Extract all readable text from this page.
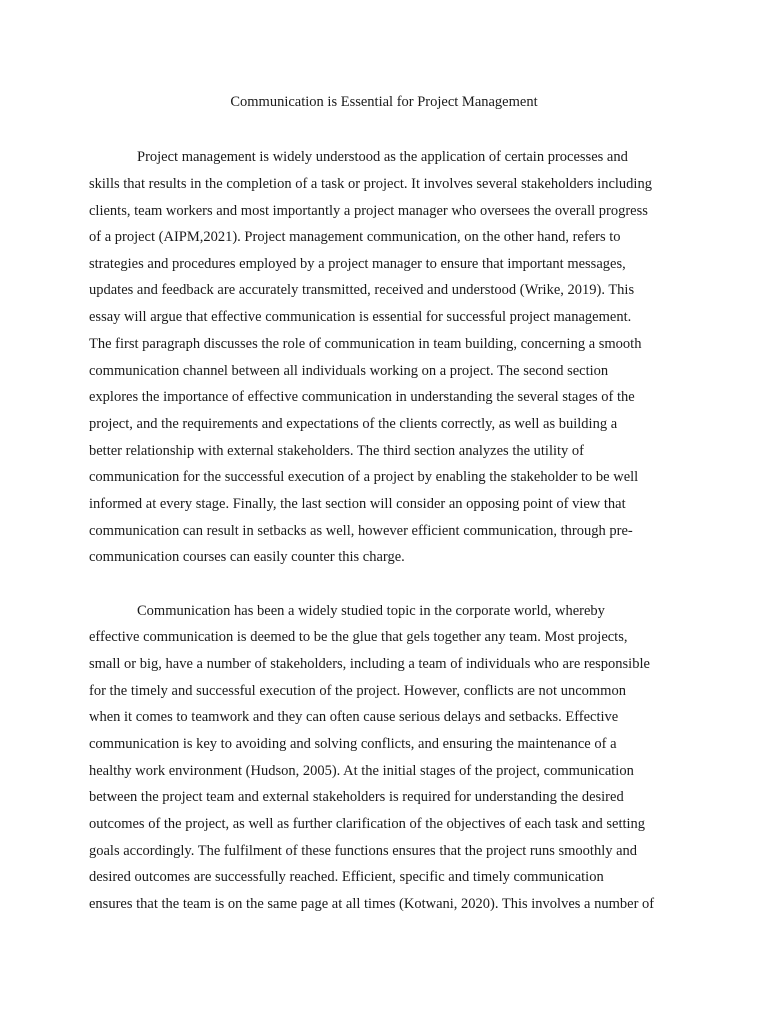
Communication is Essential for Project Management
Project management is widely understood as the application of certain processes and
skills that results in the completion of a task or project. It involves several stakeholders including
clients, team workers and most importantly a project manager who oversees the overall progress
of a project (AIPM,2021). Project management communication, on the other hand, refers to
strategies and procedures employed by a project manager to ensure that important messages,
updates and feedback are accurately transmitted, received and understood (Wrike, 2019). This
essay will argue that effective communication is essential for successful project management.
The first paragraph discusses the role of communication in team building, concerning a smooth
communication channel between all individuals working on a project. The second section
explores the importance of effective communication in understanding the several stages of the
project, and the requirements and expectations of the clients correctly, as well as building a
better relationship with external stakeholders. The third section analyzes the utility of
communication for the successful execution of a project by enabling the stakeholder to be well
informed at every stage. Finally, the last section will consider an opposing point of view that
communication can result in setbacks as well, however efficient communication, through pre-
communication courses can easily counter this charge.
Communication has been a widely studied topic in the corporate world, whereby
effective communication is deemed to be the glue that gels together any team. Most projects,
small or big, have a number of stakeholders, including a team of individuals who are responsible
for the timely and successful execution of the project. However, conflicts are not uncommon
when it comes to teamwork and they can often cause serious delays and setbacks. Effective
communication is key to avoiding and solving conflicts, and ensuring the maintenance of a
healthy work environment (Hudson, 2005). At the initial stages of the project, communication
between the project team and external stakeholders is required for understanding the desired
outcomes of the project, as well as further clarification of the objectives of each task and setting
goals accordingly. The fulfilment of these functions ensures that the project runs smoothly and
desired outcomes are successfully reached. Efficient, specific and timely communication
ensures that the team is on the same page at all times (Kotwani, 2020). This involves a number of
